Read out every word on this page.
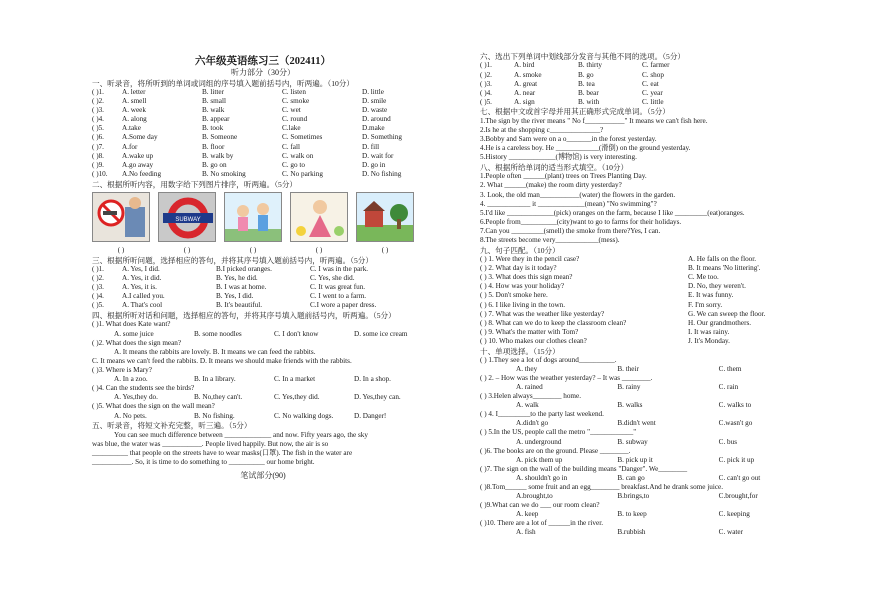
六年级英语练习三（202411）
听力部分（30分）
一、听录音，将所听到的单词或词组的序号填入题前括号内，听两遍。（10分）
( )1.	A. letter	B. litter	C. listen	D. little
( )2.	A. smell	B. small	C. smoke	D. smile
( )3.	A. week	B. walk	C. wet	D. waste
( )4.	A. along	B. appear	C. round	D. around
( )5.	A.take	B. took	C.lake	D.make
( )6.	A.Some day	B. Someone	C. Sometimes	D. Something
( )7.	A.for	B. floor	C. fall	D. fill
( )8.	A.wake up	B. walk by	C. walk on	D. wait for
( )9.	A.go away	B. go on	C. go to	D. go in
( )10.	A.No feeding	B. No smoking	C. No parking	D. No fishing
二、根据所听内容，用数字给下列图片排序，听两遍。（5分）
SUBWAY
( )	( )	( )	( )	( )
三、根据所听问题，选择相应的答句，并将其序号填入题前括号内，听两遍。（5分）
( )1.	A. Yes, I did.	B.I picked oranges.	C. I was in the park.
( )2.	A. Yes, it did.	B. Yes, he did.	C. Yes, she did.
( )3.	A. Yes, it is.	B. I was at home.	C. It was great fun.
( )4.	A.I called you.	B. Yes, I did.	C. I went to a farm.
( )5.	A. That's cool	B. It's beautiful.	C.I wore a paper dress.
四、根据所听对话和问题，选择相应的答句，并将其序号填入题前括号内，听两遍。（5分）
( )1. What does Kate want?
A. some juice	B. some noodles	C. I don't know	D. some ice cream
( )2. What does the sign mean?
A. It means the rabbits are lovely. B. It means we can feed the rabbits.
C. It means we can't feed the rabbits. D. It means we should make friends with the rabbits.
( )3. Where is Mary?
A. In a zoo.	B. In a library.	C. In a market	D. In a shop.
( )4. Can the students see the birds?
A. Yes,they do.	B. No,they can't.	C. Yes,they did.	D. Yes,they can.
( )5. What does the sign on the wall mean?
A. No pets.	B. No fishing.	C. No walking dogs.	D. Danger!
五、听录音，将短文补充完整，听三遍。（5分）
You can see much difference between _____________ and now. Fifty years ago, the sky
was blue, the water was ___________. People lived happily. But now, the air is so
__________ that people on the streets have to wear masks(口罩). The fish in the water are
___________. So, it is time to do something to __________ our home bright.
笔试部分(90)
六、选出下列单词中划线部分发音与其他不同的选项。（5分）
( )1.	A. bird	B. thirty	C. farmer
( )2.	A. smoke	B. go	C. shop
( )3.	A. great	B. tea	C. eat
( )4.	A. near	B. bear	C. year
( )5.	A. sign	B. with	C. little
七、根据中文或首字母并用其正确形式完成单词。（5分）
1.The sign by the river means " No f___________" It means we can't fish here.
2.Is he at the shopping c______________?
3.Bobby and Sam were on a o_______in the forest yesterday.
4.He is a careless boy. He ____________(滑倒) on the ground yesterday.
5.History _____________(博物馆) is very interesting.
八、根据所给单词的适当形式填空。（10分）
1.People often ______(plant) trees on Trees Planting Day.
2. What ______(make) the room dirty yesterday?
3. Look, the old man___________(water) the flowers in the garden.
4. ____________ it _____________(mean) "No swimming"?
5.I'd like _____________(pick) oranges on the farm, because I like _________(eat)oranges.
6.People from__________(city)want to go to farms for their holidays.
7.Can you _________(smell) the smoke from there?Yes, I can.
8.The streets become very____________(mess).
九、句子匹配。（10分）
( ) 1. Were they in the pencil case?	A. He falls on the floor.
( ) 2. What day is it today?	B. It means 'No littering'.
( ) 3. What does this sign mean?	C. Me too.
( ) 4. How was your holiday?	D. No, they weren't.
( ) 5. Don't smoke here.	E. It was funny.
( ) 6. I like living in the town.	F. I'm sorry.
( ) 7. What was the weather like yesterday?	G. We can sweep the floor.
( ) 8. What can we do to keep the classroom clean?	H. Our grandmothers.
( ) 9. What's the matter with Tom?	I. It was rainy.
( ) 10. Who makes our clothes clean?	J. It's Monday.
十、单项选择。（15分）
( ) 1.They see a lot of dogs around__________.
A. they	B. their	C. them
( ) 2. – How was the weather yesterday? – It was ________.
A. rained	B. rainy	C. rain
( ) 3.Helen always________ home.
A. walk	B. walks	C. walks to
( ) 4. I_________to the party last weekend.
A.didn't go	B.didn't went	C.wasn't go
( ) 5.In the US, people call the metro "____________"
A. underground	B. subway	C. bus
( )6. The books are on the ground. Please ________.
A. pick them up	B. pick up it	C. pick it up
( )7. The sign on the wall of the building means "Danger". We________
A. shouldn't go in	B. can go	C. can't go out
( )8.Tom______ some fruit and an egg________ breakfast.And he drank some juice.
A.brought,to	B.brings,to	C.brought,for
( )9.What can we do ___ our room clean?
A. keep	B. to keep	C. keeping
( )10. There are a lot of ______in the river.
A. fish	B.rubbish	C. water
